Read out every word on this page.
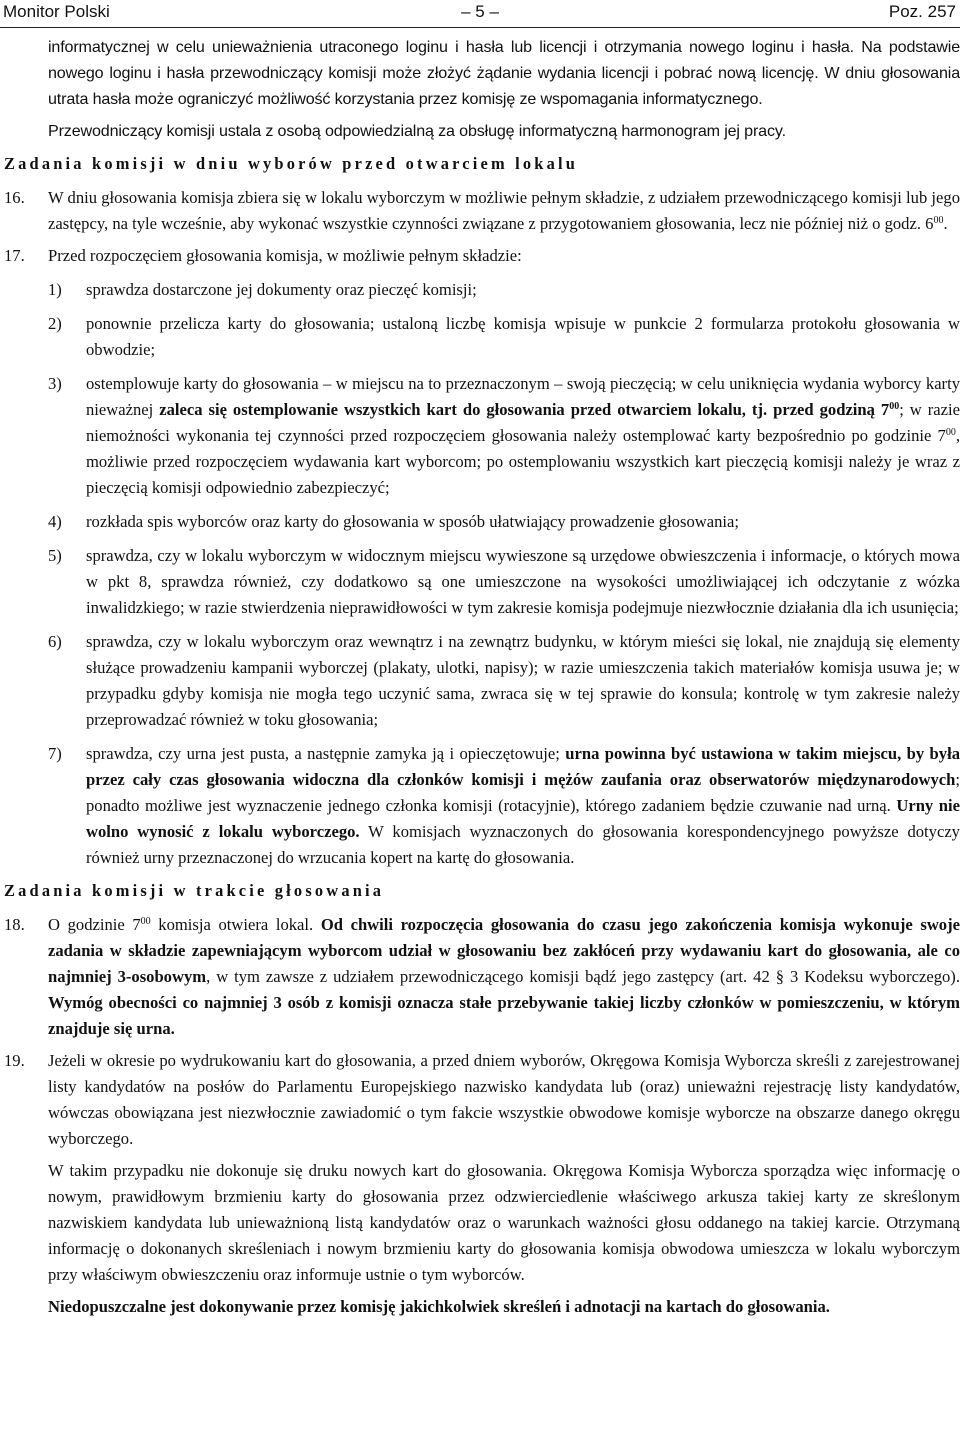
Monitor Polski	– 5 –	Poz. 257

informatycznej w celu unieważnienia utraconego loginu i hasła lub licencji i otrzymania nowego loginu i hasła. Na podstawie nowego loginu i hasła przewodniczący komisji może złożyć żądanie wydania licencji i pobrać nową licencję. W dniu głosowania utrata hasła może ograniczyć możliwość korzystania przez komisję ze wspomagania informatycznego.

Przewodniczący komisji ustala z osobą odpowiedzialną za obsługę informatyczną harmonogram jej pracy.

Zadania komisji w dniu wyborów przed otwarciem lokalu
16.	W dniu głosowania komisja zbiera się w lokalu wyborczym w możliwie pełnym składzie, z udziałem przewodniczącego komisji lub jego zastępcy, na tyle wcześnie, aby wykonać wszystkie czynności związane z przygotowaniem głosowania, lecz nie później niż o godz. $6^{00}$.
17.	Przed rozpoczęciem głosowania komisja, w możliwie pełnym składzie:
1)	sprawdza dostarczone jej dokumenty oraz pieczęć komisji;
2)	ponownie przelicza karty do głosowania; ustaloną liczbę komisja wpisuje w punkcie 2 formularza protokołu głosowania w obwodzie;
3)	ostemplowuje karty do głosowania – w miejscu na to przeznaczonym – swoją pieczęcią; w celu uniknięcia wydania wyborcy karty nieważnej zaleca się ostemplowanie wszystkich kart do głosowania przed otwarciem lokalu, tj. przed godziną $7^{00}$; w razie niemożności wykonania tej czynności przed rozpoczęciem głosowania należy ostemplować karty bezpośrednio po godzinie $7^{00}$, możliwie przed rozpoczęciem wydawania kart wyborcom; po ostemplowaniu wszystkich kart pieczęcią komisji należy je wraz z pieczęcią komisji odpowiednio zabezpieczyć;
4)	rozkłada spis wyborców oraz karty do głosowania w sposób ułatwiający prowadzenie głosowania;
5)	sprawdza, czy w lokalu wyborczym w widocznym miejscu wywieszone są urzędowe obwieszczenia i informacje, o których mowa w pkt 8, sprawdza również, czy dodatkowo są one umieszczone na wysokości umożliwiającej ich odczytanie z wózka inwalidzkiego; w razie stwierdzenia nieprawidłowości w tym zakresie komisja podejmuje niezwłocznie działania dla ich usunięcia;
6)	sprawdza, czy w lokalu wyborczym oraz wewnątrz i na zewnątrz budynku, w którym mieści się lokal, nie znajdują się elementy służące prowadzeniu kampanii wyborczej (plakaty, ulotki, napisy); w razie umieszczenia takich materiałów komisja usuwa je; w przypadku gdyby komisja nie mogła tego uczynić sama, zwraca się w tej sprawie do konsula; kontrolę w tym zakresie należy przeprowadzać również w toku głosowania;
7)	sprawdza, czy urna jest pusta, a następnie zamyka ją i opieczętowuje; urna powinna być ustawiona w takim miejscu, by była przez cały czas głosowania widoczna dla członków komisji i mężów zaufania oraz obserwatorów międzynarodowych; ponadto możliwe jest wyznaczenie jednego członka komisji (rotacyjnie), którego zadaniem będzie czuwanie nad urną. Urny nie wolno wynosić z lokalu wyborczego. W komisjach wyznaczonych do głosowania korespondencyjnego powyższe dotyczy również urny przeznaczonej do wrzucania kopert na kartę do głosowania.
Zadania komisji w trakcie głosowania
18.	O godzinie $7^{00}$ komisja otwiera lokal. Od chwili rozpoczęcia głosowania do czasu jego zakończenia komisja wykonuje swoje zadania w składzie zapewniającym wyborcom udział w głosowaniu bez zakłóceń przy wydawaniu kart do głosowania, ale co najmniej 3-osobowym, w tym zawsze z udziałem przewodniczącego komisji bądź jego zastępcy (art. 42 § 3 Kodeksu wyborczego). Wymóg obecności co najmniej 3 osób z komisji oznacza stałe przebywanie takiej liczby członków w pomieszczeniu, w którym znajduje się urna.
19.	Jeżeli w okresie po wydrukowaniu kart do głosowania, a przed dniem wyborów, Okręgowa Komisja Wyborcza skreśli z zarejestrowanej listy kandydatów na posłów do Parlamentu Europejskiego nazwisko kandydata lub (oraz) unieważni rejestrację listy kandydatów, wówczas obowiązana jest niezwłocznie zawiadomić o tym fakcie wszystkie obwodowe komisje wyborcze na obszarze danego okręgu wyborczego.

W takim przypadku nie dokonuje się druku nowych kart do głosowania. Okręgowa Komisja Wyborcza sporządza więc informację o nowym, prawidłowym brzmieniu karty do głosowania przez odzwierciedlenie właściwego arkusza takiej karty ze skreślonym nazwiskiem kandydata lub unieważnioną listą kandydatów oraz o warunkach ważności głosu oddanego na takiej karcie. Otrzymaną informację o dokonanych skreśleniach i nowym brzmieniu karty do głosowania komisja obwodowa umieszcza w lokalu wyborczym przy właściwym obwieszczeniu oraz informuje ustnie o tym wyborców.

Niedopuszczalne jest dokonywanie przez komisję jakichkolwiek skreśleń i adnotacji na kartach do głosowania.
